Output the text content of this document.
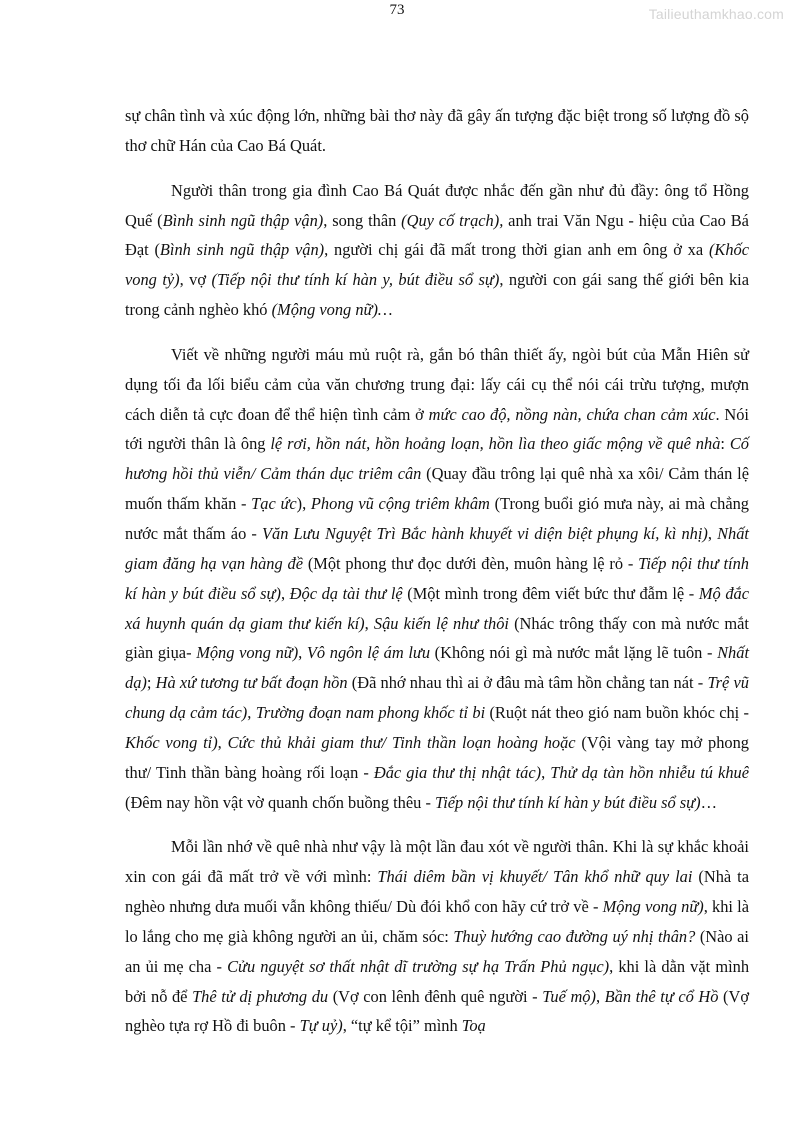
73	Tailieuthamkhao.com

sự chân tình và xúc động lớn, những bài thơ này đã gây ấn tượng đặc biệt trong số lượng đồ sộ thơ chữ Hán của Cao Bá Quát.

Người thân trong gia đình Cao Bá Quát được nhắc đến gần như đủ đầy: ông tổ Hồng Quế (Bình sinh ngũ thập vận), song thân (Quy cố trạch), anh trai Văn Ngu - hiệu của Cao Bá Đạt (Bình sinh ngũ thập vận), người chị gái đã mất trong thời gian anh em ông ở xa (Khốc vong tỷ), vợ (Tiếp nội thư tính kí hàn y, bút điều sổ sự), người con gái sang thế giới bên kia trong cảnh nghèo khó (Mộng vong nữ)…

Viết về những người máu mủ ruột rà, gắn bó thân thiết ấy, ngòi bút của Mẫn Hiên sử dụng tối đa lối biểu cảm của văn chương trung đại: lấy cái cụ thể nói cái trừu tượng, mượn cách diễn tả cực đoan để thể hiện tình cảm ở mức cao độ, nồng nàn, chứa chan cảm xúc. Nói tới người thân là ông lệ rơi, hồn nát, hồn hoảng loạn, hồn lìa theo giấc mộng về quê nhà: Cố hương hồi thủ viễn/ Cảm thán dục triêm cân (Quay đầu trông lại quê nhà xa xôi/ Cảm thán lệ muốn thấm khăn - Tạc ức), Phong vũ cộng triêm khâm (Trong buổi gió mưa này, ai mà chẳng nước mắt thấm áo - Văn Lưu Nguyệt Trì Bắc hành khuyết vi diện biệt phụng kí, kì nhị), Nhất giam đăng hạ vạn hàng đề (Một phong thư đọc dưới đèn, muôn hàng lệ rỏ - Tiếp nội thư tính kí hàn y bút điều sổ sự), Độc dạ tài thư lệ (Một mình trong đêm viết bức thư đẫm lệ - Mộ đắc xá huynh quán dạ giam thư kiến kí), Sậu kiến lệ như thôi (Nhác trông thấy con mà nước mắt giàn giụa- Mộng vong nữ), Vô ngôn lệ ám lưu (Không nói gì mà nước mắt lặng lẽ tuôn - Nhất dạ); Hà xứ tương tư bất đoạn hồn (Đã nhớ nhau thì ai ở đâu mà tâm hồn chẳng tan nát - Trệ vũ chung dạ cảm tác), Trường đoạn nam phong khốc tỉ bi (Ruột nát theo gió nam buồn khóc chị - Khốc vong tỉ), Cức thủ khải giam thư/ Tinh thần loạn hoàng hoặc (Vội vàng tay mở phong thư/ Tinh thần bàng hoàng rối loạn - Đắc gia thư thị nhật tác), Thử dạ tàn hồn nhiễu tú khuê (Đêm nay hồn vật vờ quanh chốn buồng thêu - Tiếp nội thư tính kí hàn y bút điều sổ sự)…

Mỗi lần nhớ về quê nhà như vậy là một lần đau xót về người thân. Khi là sự khắc khoải xin con gái đã mất trở về với mình: Thái diêm bần vị khuyết/ Tân khổ nhữ quy lai (Nhà ta nghèo nhưng dưa muối vẫn không thiếu/ Dù đói khổ con hãy cứ trở về - Mộng vong nữ), khi là lo lắng cho mẹ già không người an ủi, chăm sóc: Thuỳ hướng cao đường uý nhị thân? (Nào ai an ủi mẹ cha - Cửu nguyệt sơ thất nhật dĩ trường sự hạ Trấn Phủ ngục), khi là dằn vặt mình bởi nỗ để Thê tử dị phương du (Vợ con lênh đênh quê người - Tuế mộ), Bần thê tự cổ Hồ (Vợ nghèo tựa rợ Hồ đi buôn - Tự uỷ), “tự kể tội” mình Toạ
